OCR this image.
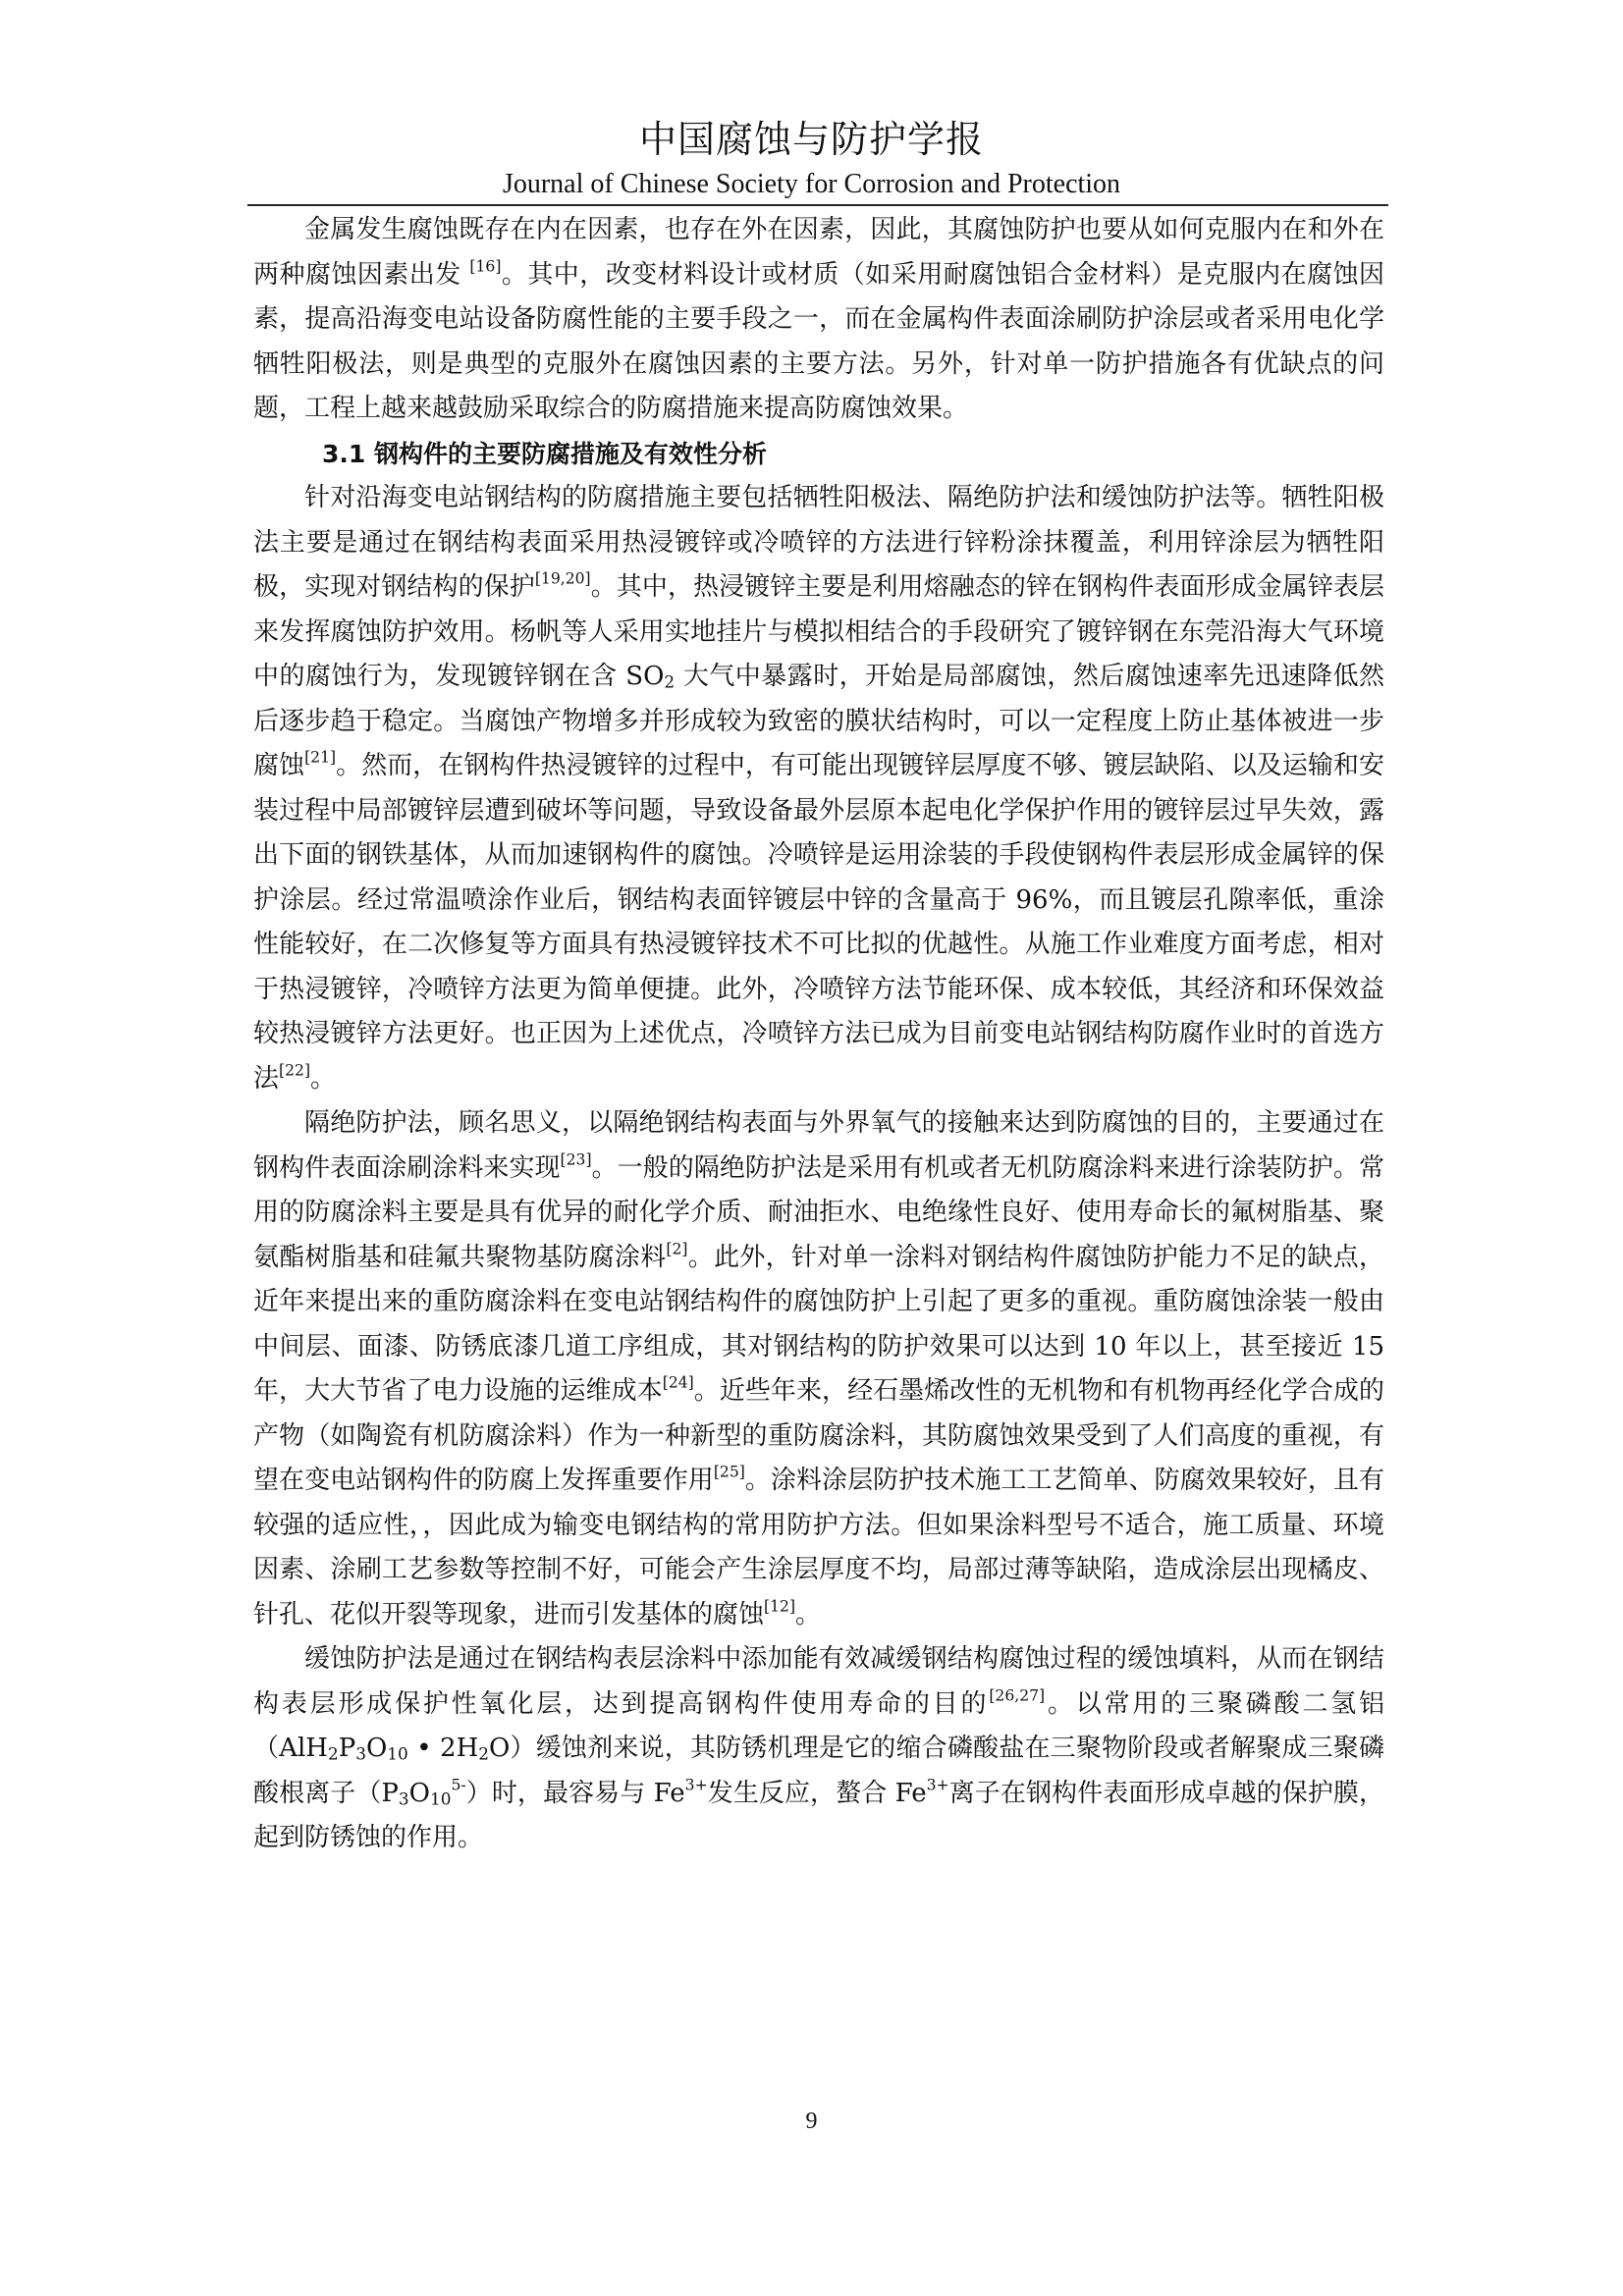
中国腐蚀与防护学报
Journal of Chinese Society for Corrosion and Protection

金属发生腐蚀既存在内在因素，也存在外在因素，因此，其腐蚀防护也要从如何克服内在和外在两种腐蚀因素出发 [16]。其中，改变材料设计或材质（如采用耐腐蚀铝合金材料）是克服内在腐蚀因素，提高沿海变电站设备防腐性能的主要手段之一，而在金属构件表面涂刷防护涂层或者采用电化学牺牲阳极法，则是典型的克服外在腐蚀因素的主要方法。另外，针对单一防护措施各有优缺点的问题，工程上越来越鼓励采取综合的防腐措施来提高防腐蚀效果。

3.1 钢构件的主要防腐措施及有效性分析

针对沿海变电站钢结构的防腐措施主要包括牺牲阳极法、隔绝防护法和缓蚀防护法等。牺牲阳极法主要是通过在钢结构表面采用热浸镀锌或冷喷锌的方法进行锌粉涂抹覆盖，利用锌涂层为牺牲阳极，实现对钢结构的保护[19,20]。其中，热浸镀锌主要是利用熔融态的锌在钢构件表面形成金属锌表层来发挥腐蚀防护效用。杨帆等人采用实地挂片与模拟相结合的手段研究了镀锌钢在东莞沿海大气环境中的腐蚀行为，发现镀锌钢在含 $SO_2$ 大气中暴露时，开始是局部腐蚀，然后腐蚀速率先迅速降低然后逐步趋于稳定。当腐蚀产物增多并形成较为致密的膜状结构时，可以一定程度上防止基体被进一步腐蚀[21]。然而，在钢构件热浸镀锌的过程中，有可能出现镀锌层厚度不够、镀层缺陷、以及运输和安装过程中局部镀锌层遭到破坏等问题，导致设备最外层原本起电化学保护作用的镀锌层过早失效，露出下面的钢铁基体，从而加速钢构件的腐蚀。冷喷锌是运用涂装的手段使钢构件表层形成金属锌的保护涂层。经过常温喷涂作业后，钢结构表面锌镀层中锌的含量高于 96%，而且镀层孔隙率低，重涂性能较好，在二次修复等方面具有热浸镀锌技术不可比拟的优越性。从施工作业难度方面考虑，相对于热浸镀锌，冷喷锌方法更为简单便捷。此外，冷喷锌方法节能环保、成本较低，其经济和环保效益较热浸镀锌方法更好。也正因为上述优点，冷喷锌方法已成为目前变电站钢结构防腐作业时的首选方法[22]。

隔绝防护法，顾名思义，以隔绝钢结构表面与外界氧气的接触来达到防腐蚀的目的，主要通过在钢构件表面涂刷涂料来实现[23]。一般的隔绝防护法是采用有机或者无机防腐涂料来进行涂装防护。常用的防腐涂料主要是具有优异的耐化学介质、耐油拒水、电绝缘性良好、使用寿命长的氟树脂基、聚氨酯树脂基和硅氟共聚物基防腐涂料[2]。此外，针对单一涂料对钢结构件腐蚀防护能力不足的缺点，近年来提出来的重防腐涂料在变电站钢结构件的腐蚀防护上引起了更多的重视。重防腐蚀涂装一般由中间层、面漆、防锈底漆几道工序组成，其对钢结构的防护效果可以达到 10 年以上，甚至接近 15 年，大大节省了电力设施的运维成本[24]。近些年来，经石墨烯改性的无机物和有机物再经化学合成的产物（如陶瓷有机防腐涂料）作为一种新型的重防腐涂料，其防腐蚀效果受到了人们高度的重视，有望在变电站钢构件的防腐上发挥重要作用[25]。涂料涂层防护技术施工工艺简单、防腐效果较好，且有较强的适应性，，因此成为输变电钢结构的常用防护方法。但如果涂料型号不适合，施工质量、环境因素、涂刷工艺参数等控制不好，可能会产生涂层厚度不均，局部过薄等缺陷，造成涂层出现橘皮、针孔、花似开裂等现象，进而引发基体的腐蚀[12]。

缓蚀防护法是通过在钢结构表层涂料中添加能有效减缓钢结构腐蚀过程的缓蚀填料，从而在钢结构表层形成保护性氧化层，达到提高钢构件使用寿命的目的[26,27]。以常用的三聚磷酸二氢铝（$AlH_2P_3O_{10}$ • $2H_2O$）缓蚀剂来说，其防锈机理是它的缩合磷酸盐在三聚物阶段或者解聚成三聚磷酸根离子$(P_3O_{10}^{5-})$时，最容易与 $Fe^{3+}$发生反应，螯合 $Fe^{3+}$离子在钢构件表面形成卓越的保护膜，起到防锈蚀的作用。

9
